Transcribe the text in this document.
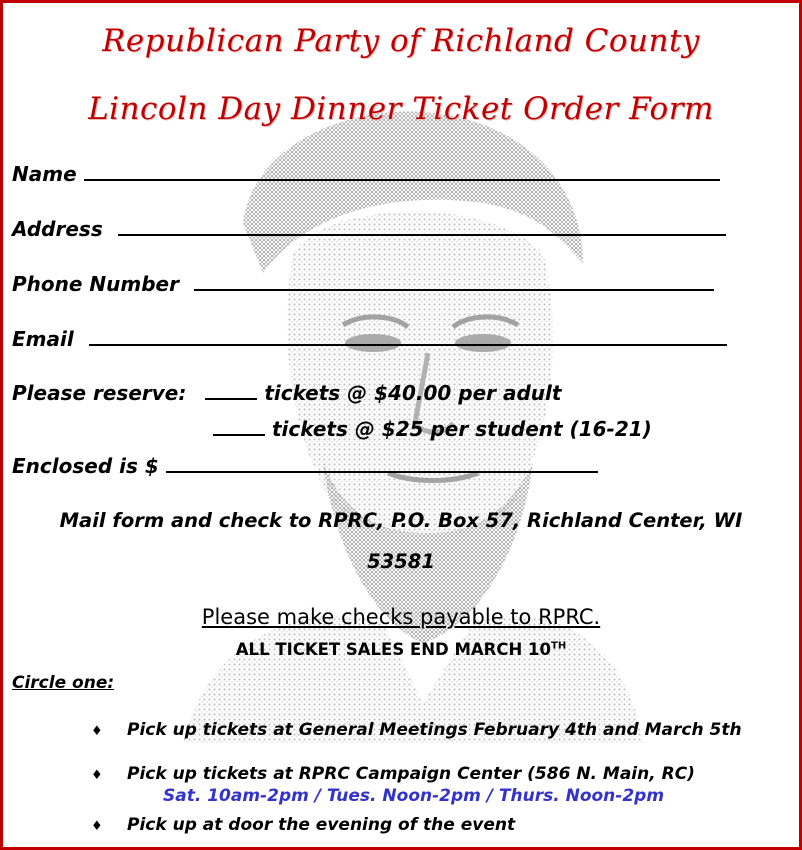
Republican Party of Richland County
Lincoln Day Dinner Ticket Order Form
Name
Address
Phone Number
Email
Please reserve:	tickets @ $40.00 per adult
tickets @ $25 per student (16-21)
Enclosed is $
Mail form and check to RPRC, P.O. Box 57, Richland Center, WI
53581
Please make checks payable to RPRC.
ALL TICKET SALES END MARCH 10TH
Circle one:
♦ Pick up tickets at General Meetings February 4th and March 5th
♦ Pick up tickets at RPRC Campaign Center (586 N. Main, RC)
Sat. 10am-2pm / Tues. Noon-2pm / Thurs. Noon-2pm
♦ Pick up at door the evening of the event
